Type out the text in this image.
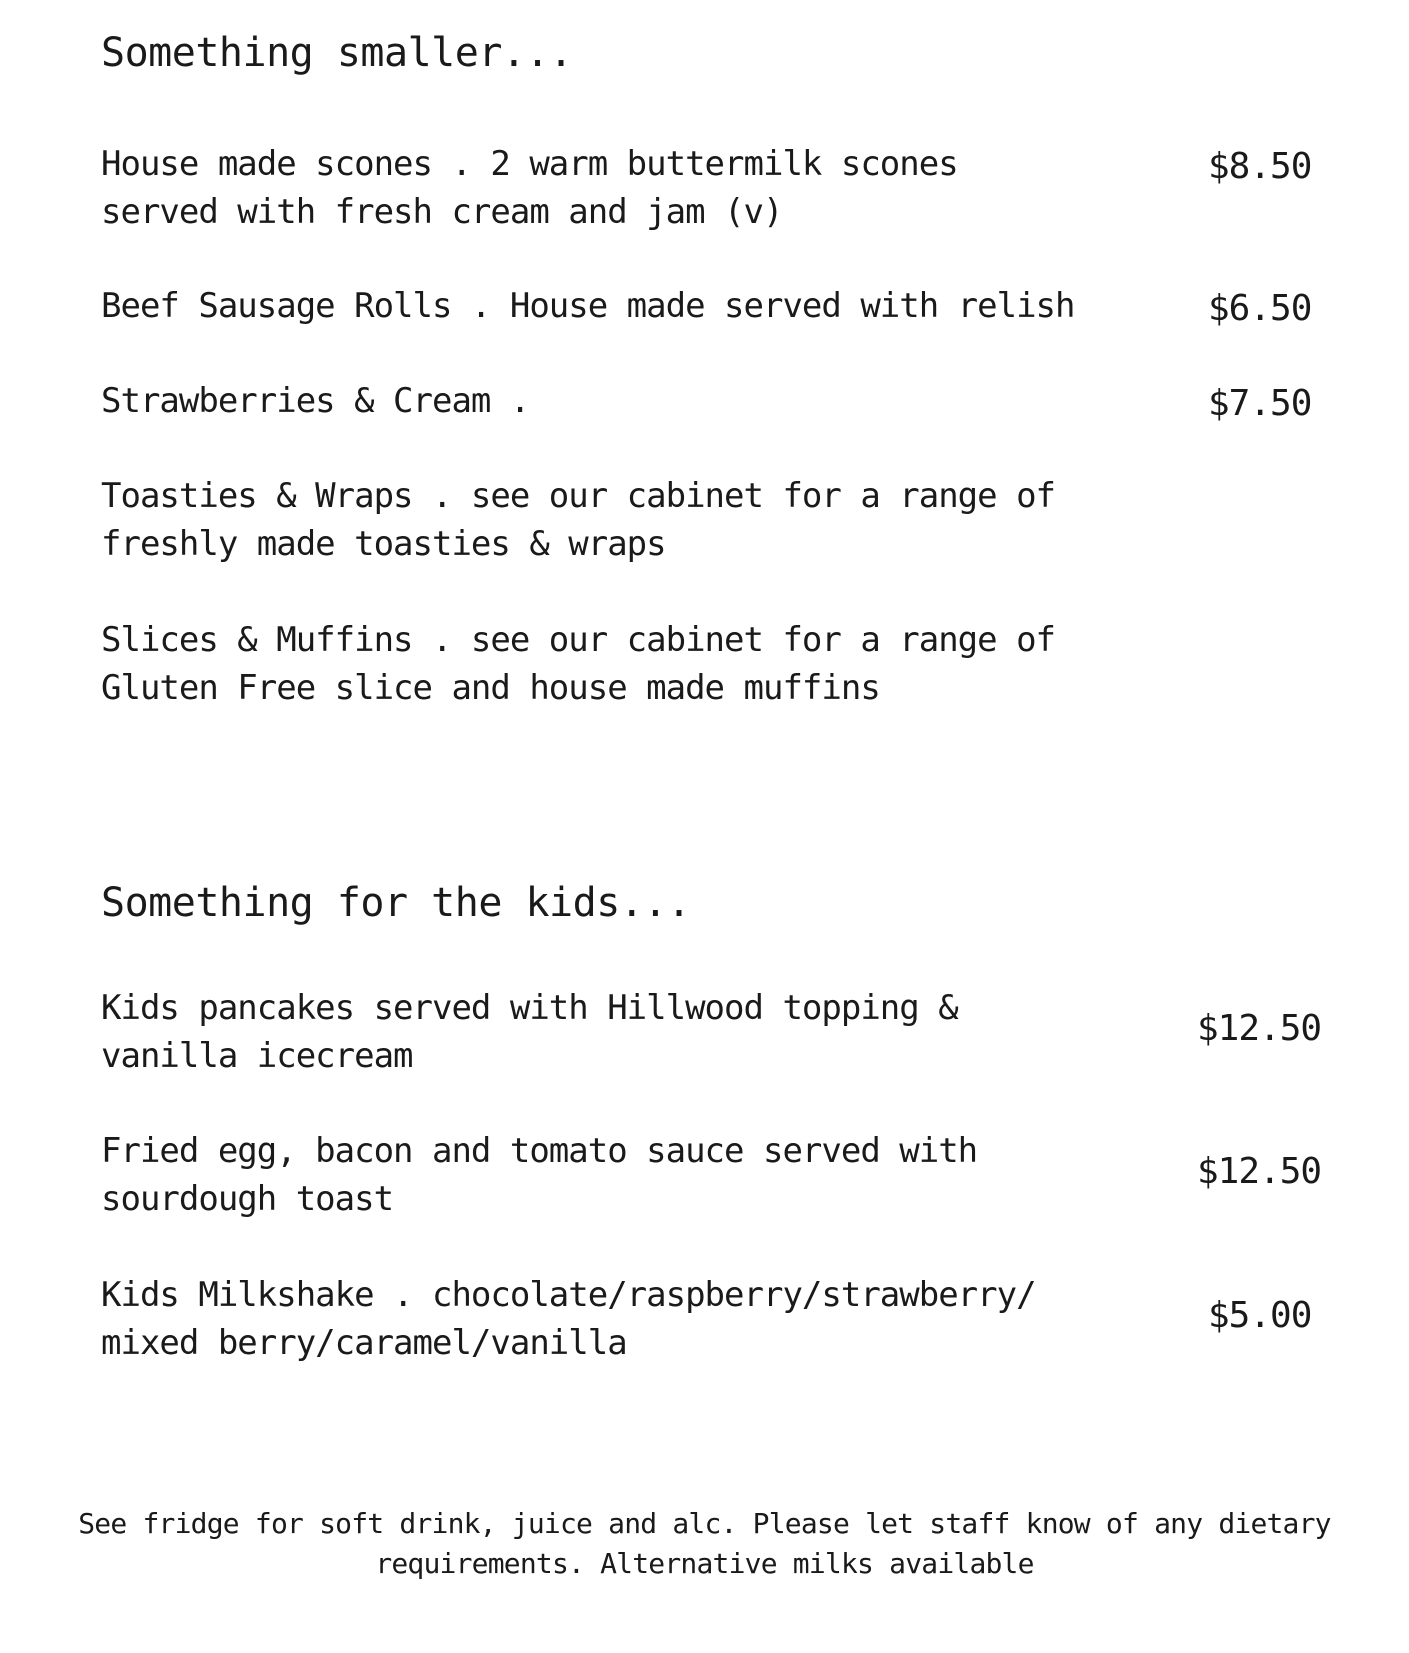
Something smaller...
House made scones . 2 warm buttermilk scones
served with fresh cream and jam (v)
$8.50
Beef Sausage Rolls . House made served with relish	$6.50
Strawberries & Cream .	$7.50
Toasties & Wraps . see our cabinet for a range of
freshly made toasties & wraps
Slices & Muffins . see our cabinet for a range of
Gluten Free slice and house made muffins
Something for the kids...
Kids pancakes served with Hillwood topping &
vanilla icecream
$12.50
Fried egg, bacon and tomato sauce served with
sourdough toast
$12.50
Kids Milkshake . chocolate/raspberry/strawberry/
mixed berry/caramel/vanilla
$5.00
See fridge for soft drink, juice and alc. Please let staff know of any dietary
requirements. Alternative milks available
